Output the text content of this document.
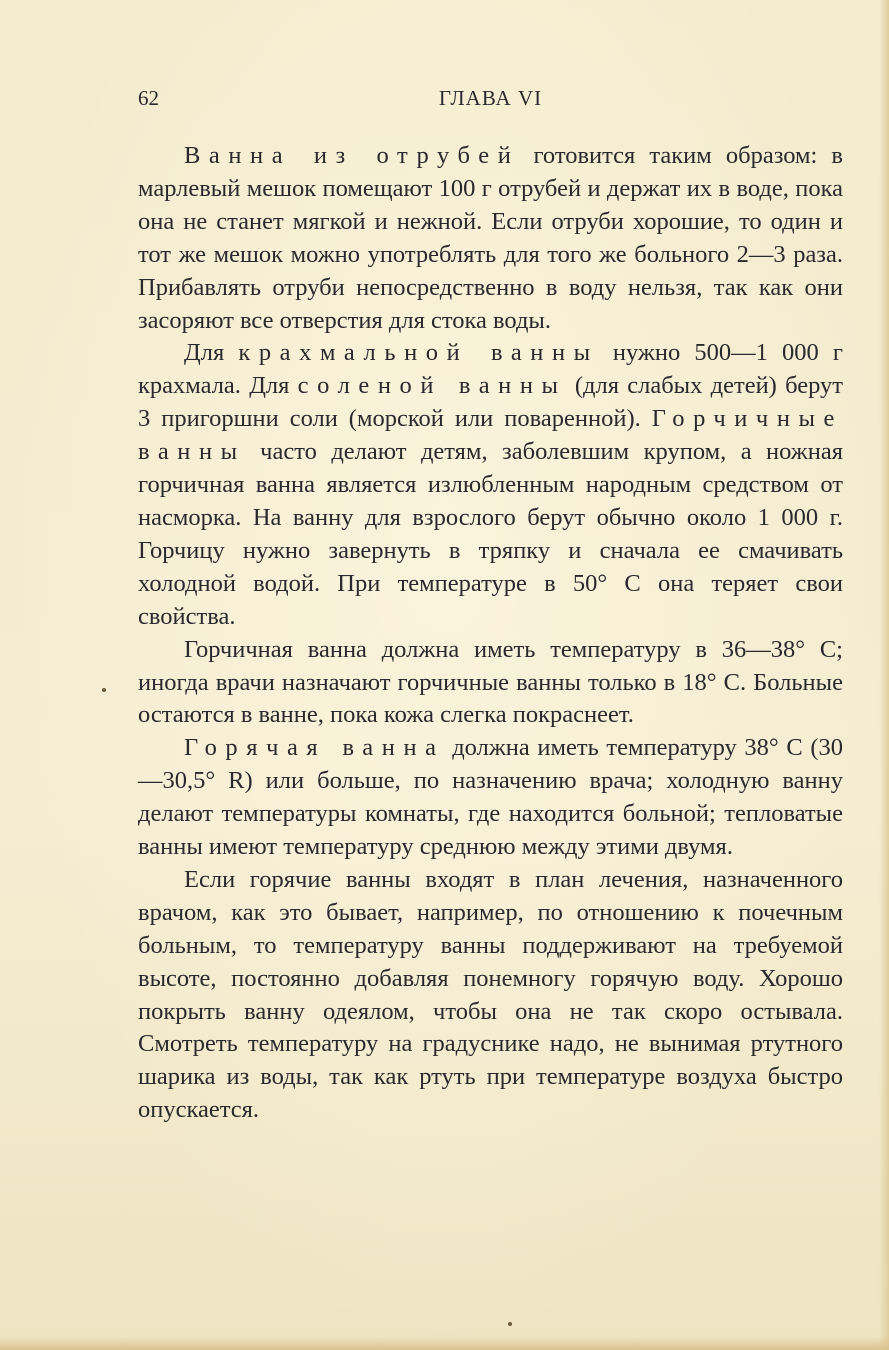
62	ГЛАВА VI

Ванна из отрубей готовится таким образом: в марлевый мешок помещают 100 г отрубей и держат их в воде, пока она не станет мягкой и нежной. Если отруби хорошие, то один и тот же мешок можно употреблять для того же больного 2—3 раза. Прибавлять отруби непосредственно в воду нельзя, так как они засоряют все отверстия для стока воды.

Для крахмальной ванны нужно 500—1 000 г крахмала. Для соленой ванны (для слабых детей) берут 3 пригоршни соли (морской или поваренной). Горчичные ванны часто делают детям, заболевшим крупом, а ножная горчичная ванна является излюбленным народным средством от насморка. На ванну для взрослого берут обычно около 1 000 г. Горчицу нужно завернуть в тряпку и сначала ее смачивать холодной водой. При температуре в 50° С она теряет свои свойства.

Горчичная ванна должна иметь температуру в 36—38° С; иногда врачи назначают горчичные ванны только в 18° С. Больные остаются в ванне, пока кожа слегка покраснеет.

Горячая ванна должна иметь температуру 38° С (30—30,5° R) или больше, по назначению врача; холодную ванну делают температуры комнаты, где находится больной; тепловатые ванны имеют температуру среднюю между этими двумя.

Если горячие ванны входят в план лечения, назначенного врачом, как это бывает, например, по отношению к почечным больным, то температуру ванны поддерживают на требуемой высоте, постоянно добавляя понемногу горячую воду. Хорошо покрыть ванну одеялом, чтобы она не так скоро остывала. Смотреть температуру на градуснике надо, не вынимая ртутного шарика из воды, так как ртуть при температуре воздуха быстро опускается.
